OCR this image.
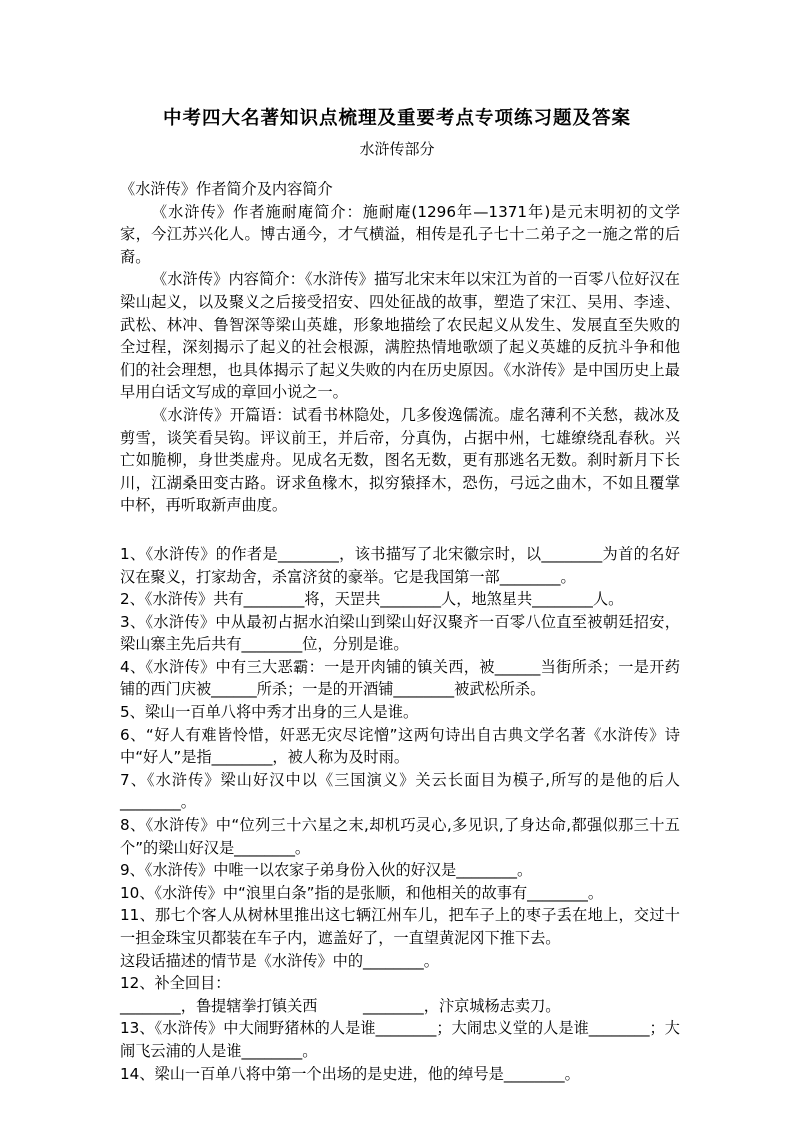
中考四大名著知识点梳理及重要考点专项练习题及答案
水浒传部分

《水浒传》作者简介及内容简介

《水浒传》作者施耐庵简介：施耐庵(1296年—1371年)是元末明初的文学家，今江苏兴化人。博古通今，才气横溢，相传是孔子七十二弟子之一施之常的后裔。

《水浒传》内容简介：《水浒传》描写北宋末年以宋江为首的一百零八位好汉在梁山起义，以及聚义之后接受招安、四处征战的故事，塑造了宋江、吴用、李逵、武松、林冲、鲁智深等梁山英雄，形象地描绘了农民起义从发生、发展直至失败的全过程，深刻揭示了起义的社会根源，满腔热情地歌颂了起义英雄的反抗斗争和他们的社会理想，也具体揭示了起义失败的内在历史原因。《水浒传》是中国历史上最早用白话文写成的章回小说之一。

《水浒传》开篇语：试看书林隐处，几多俊逸儒流。虚名薄利不关愁，裁冰及剪雪，谈笑看吴钩。评议前王，并后帝，分真伪，占据中州，七雄缭绕乱春秋。兴亡如脆柳，身世类虚舟。见成名无数，图名无数，更有那逃名无数。刹时新月下长川，江湖桑田变古路。讶求鱼椽木，拟穷猿择木，恐伤，弓远之曲木，不如且覆掌中杯，再听取新声曲度。

1、《水浒传》的作者是________，该书描写了北宋徽宗时，以________为首的名好汉在聚义，打家劫舍，杀富济贫的豪举。它是我国第一部________。

2、《水浒传》共有________将，天罡共________人，地煞星共________人。

3、《水浒传》中从最初占据水泊梁山到梁山好汉聚齐一百零八位直至被朝廷招安，梁山寨主先后共有________位，分别是谁。

4、《水浒传》中有三大恶霸：一是开肉铺的镇关西，被______当街所杀；一是开药铺的西门庆被______所杀；一是的开酒铺________被武松所杀。

5、梁山一百单八将中秀才出身的三人是谁。

6、“好人有难皆怜惜，奸恶无灾尽诧憎”这两句诗出自古典文学名著《水浒传》诗中“好人”是指________，被人称为及时雨。

7、《水浒传》梁山好汉中以《三国演义》关云长面目为模子,所写的是他的后人________。

8、《水浒传》中“位列三十六星之末,却机巧灵心,多见识,了身达命,都强似那三十五个”的梁山好汉是________。

9、《水浒传》中唯一以农家子弟身份入伙的好汉是________。

10、《水浒传》中“浪里白条”指的是张顺，和他相关的故事有________。

11、那七个客人从树林里推出这七辆江州车儿，把车子上的枣子丢在地上，交过十一担金珠宝贝都装在车子内，遮盖好了，一直望黄泥冈下推下去。

这段话描述的情节是《水浒传》中的________。

12、补全回目：

________，鲁提辖拳打镇关西　　　________，汴京城杨志卖刀。

13、《水浒传》中大闹野猪林的人是谁________；大闹忠义堂的人是谁________；大闹飞云浦的人是谁________。

14、梁山一百单八将中第一个出场的是史进，他的绰号是________。
